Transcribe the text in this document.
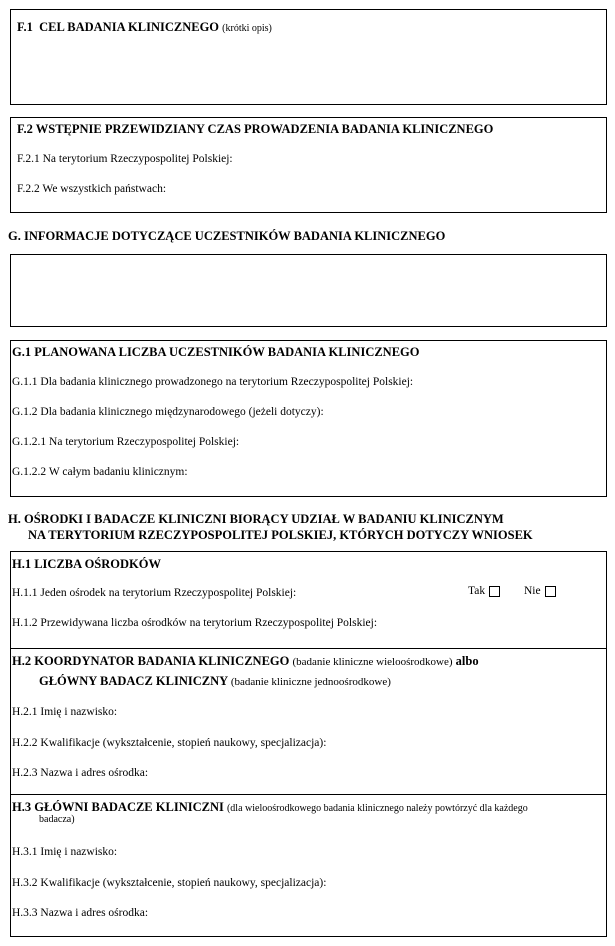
F.1 CEL BADANIA KLINICZNEGO (krótki opis)
F.2 WSTĘPNIE PRZEWIDZIANY CZAS PROWADZENIA BADANIA KLINICZNEGO
F.2.1 Na terytorium Rzeczypospolitej Polskiej:
F.2.2 We wszystkich państwach:
G. INFORMACJE DOTYCZĄCE UCZESTNIKÓW BADANIA KLINICZNEGO
G.1 PLANOWANA LICZBA UCZESTNIKÓW BADANIA KLINICZNEGO
G.1.1 Dla badania klinicznego prowadzonego na terytorium Rzeczypospolitej Polskiej:
G.1.2 Dla badania klinicznego międzynarodowego (jeżeli dotyczy):
G.1.2.1 Na terytorium Rzeczypospolitej Polskiej:
G.1.2.2 W całym badaniu klinicznym:
H. OŚRODKI I BADACZE KLINICZNI BIORĄCY UDZIAŁ W BADANIU KLINICZNYM
NA TERYTORIUM RZECZYPOSPOLITEJ POLSKIEJ, KTÓRYCH DOTYCZY WNIOSEK
H.1 LICZBA OŚRODKÓW
H.1.1 Jeden ośrodek na terytorium Rzeczypospolitej Polskiej:	Tak	Nie
H.1.2 Przewidywana liczba ośrodków na terytorium Rzeczypospolitej Polskiej:
H.2 KOORDYNATOR BADANIA KLINICZNEGO (badanie kliniczne wieloośrodkowe) albo
GŁÓWNY BADACZ KLINICZNY (badanie kliniczne jednoośrodkowe)
H.2.1 Imię i nazwisko:
H.2.2 Kwalifikacje (wykształcenie, stopień naukowy, specjalizacja):
H.2.3 Nazwa i adres ośrodka:
H.3 GŁÓWNI BADACZE KLINICZNI (dla wieloośrodkowego badania klinicznego należy powtórzyć dla każdego
badacza)
H.3.1 Imię i nazwisko:
H.3.2 Kwalifikacje (wykształcenie, stopień naukowy, specjalizacja):
H.3.3 Nazwa i adres ośrodka:
